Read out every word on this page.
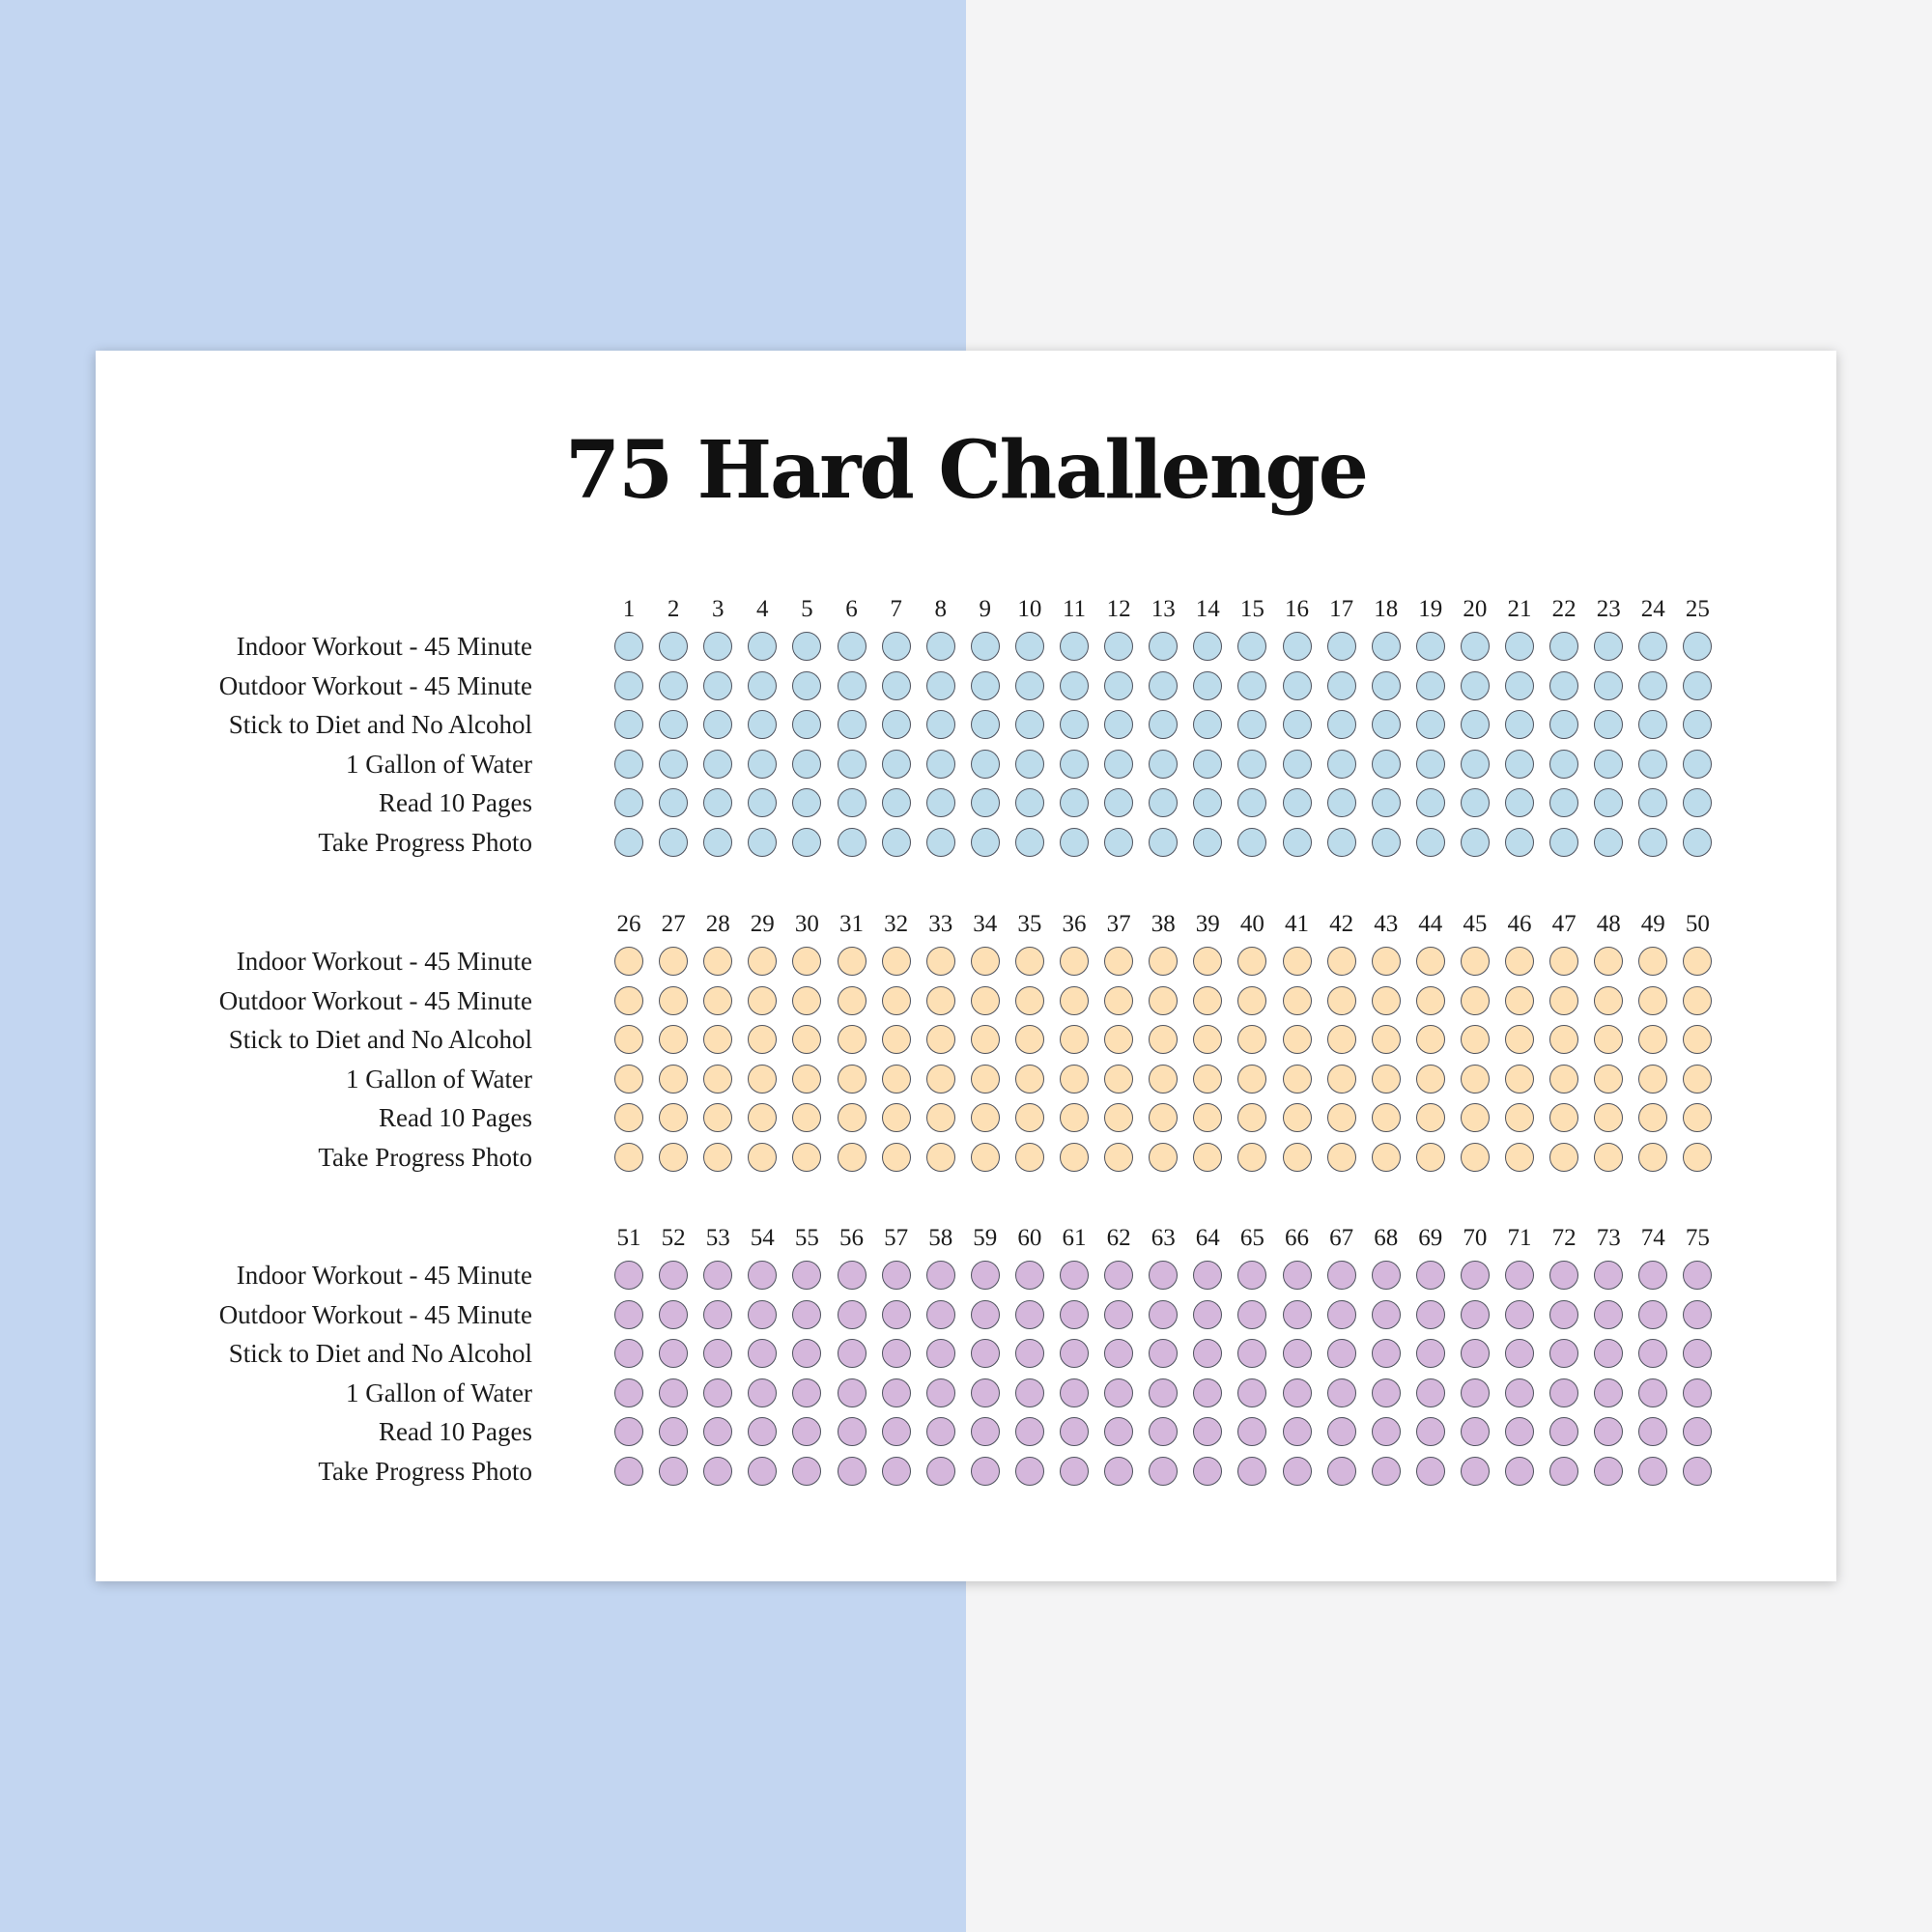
75 Hard Challenge
1	2	3	4	5	6	7	8	9	10 11 12 13 14 15 16 17 18 19 20 21 22 23 24 25
Indoor Workout - 45 Minute
Outdoor Workout - 45 Minute
Stick to Diet and No Alcohol
1 Gallon of Water
Read 10 Pages
Take Progress Photo
26 27 28 29 30 31 32 33 34 35 36 37 38 39 40 41 42 43 44 45 46 47 48 49 50
Indoor Workout - 45 Minute
Outdoor Workout - 45 Minute
Stick to Diet and No Alcohol
1 Gallon of Water
Read 10 Pages
Take Progress Photo
51 52 53 54 55 56 57 58 59 60 61 62 63 64 65 66 67 68 69 70 71 72 73 74 75
Indoor Workout - 45 Minute
Outdoor Workout - 45 Minute
Stick to Diet and No Alcohol
1 Gallon of Water
Read 10 Pages
Take Progress Photo
